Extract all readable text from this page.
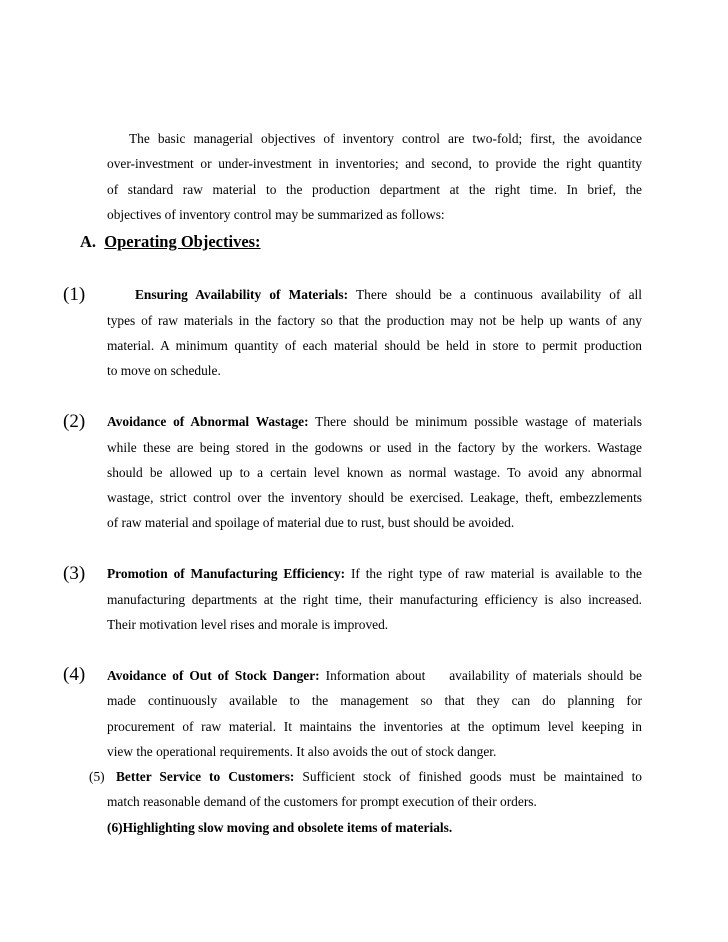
The basic managerial objectives of inventory control are two-fold; first, the avoidance
over-investment or under-investment in inventories; and second, to provide the right quantity
of standard raw material to the production department at the right time. In brief, the
objectives of inventory control may be summarized as follows:
A. Operating Objectives:
(1)	Ensuring Availability of Materials: There should be a continuous availability of all
types of raw materials in the factory so that the production may not be help up wants of any
material. A minimum quantity of each material should be held in store to permit production
to move on schedule.
(2) Avoidance of Abnormal Wastage: There should be minimum possible wastage of materials
while these are being stored in the godowns or used in the factory by the workers. Wastage
should be allowed up to a certain level known as normal wastage. To avoid any abnormal
wastage, strict control over the inventory should be exercised. Leakage, theft, embezzlements
of raw material and spoilage of material due to rust, bust should be avoided.
(3) Promotion of Manufacturing Efficiency: If the right type of raw material is available to the
manufacturing departments at the right time, their manufacturing efficiency is also increased.
Their motivation level rises and morale is improved.
(4) Avoidance of Out of Stock Danger: Information about    availability of materials should be
made continuously available to the management so that they can do planning for
procurement of raw material. It maintains the inventories at the optimum level keeping in
view the operational requirements. It also avoids the out of stock danger.
(5) Better Service to Customers: Sufficient stock of finished goods must be maintained to
match reasonable demand of the customers for prompt execution of their orders.
(6)Highlighting slow moving and obsolete items of materials.
